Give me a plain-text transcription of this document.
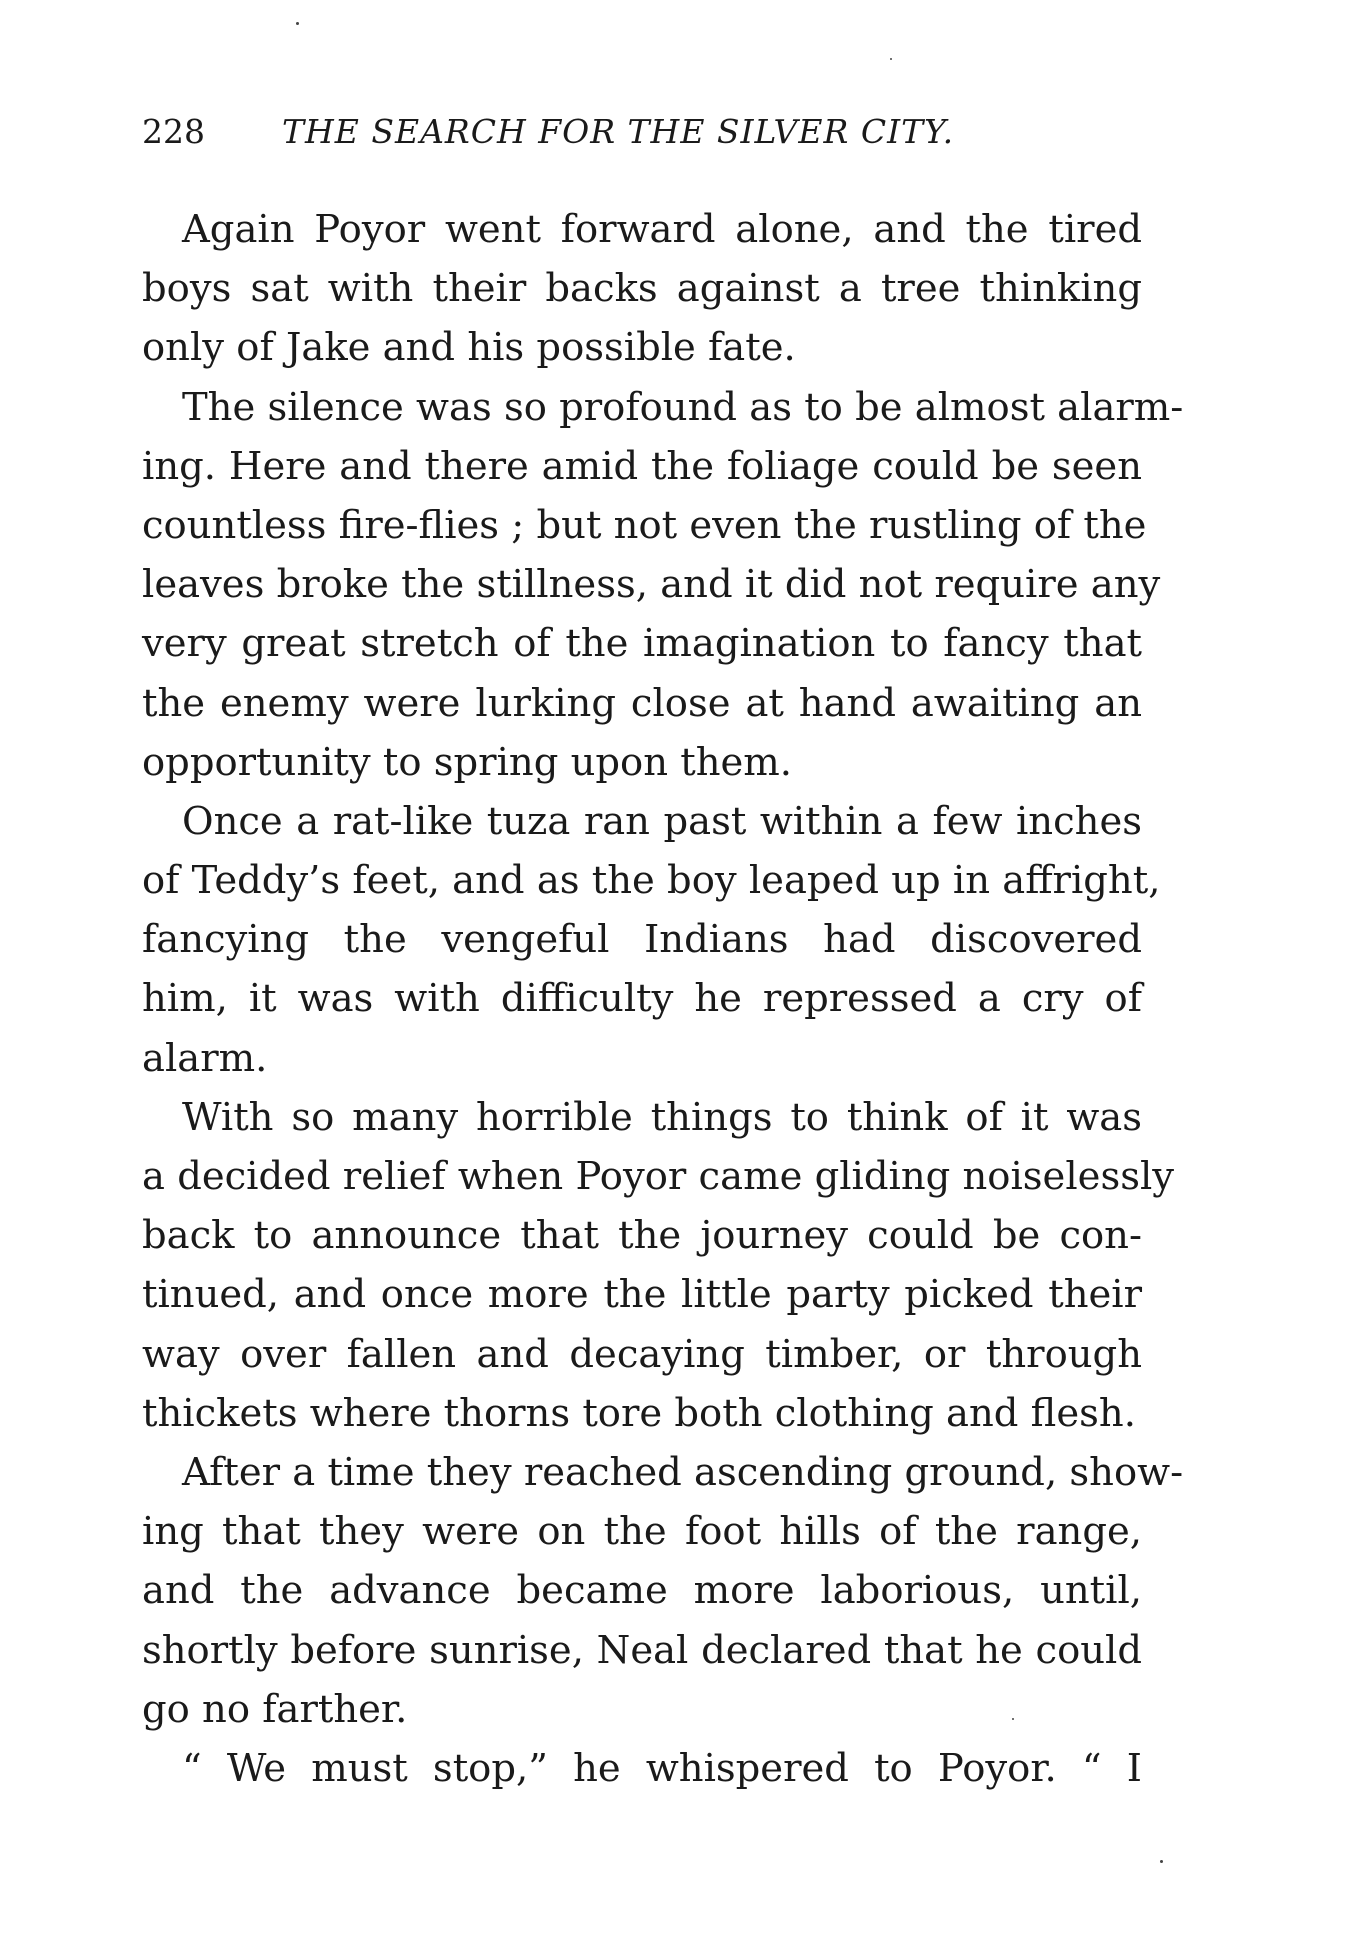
228 THE SEARCH FOR THE SILVER CITY.
Again Poyor went forward alone, and the tired
boys sat with their backs against a tree thinking
only of Jake and his possible fate.
The silence was so profound as to be almost alarm-
ing. Here and there amid the foliage could be seen
countless fire-flies ; but not even the rustling of the
leaves broke the stillness, and it did not require any
very great stretch of the imagination to fancy that
the enemy were lurking close at hand awaiting an
opportunity to spring upon them.
Once a rat-like tuza ran past within a few inches
of Teddy’s feet, and as the boy leaped up in affright,
fancying the vengeful Indians had discovered
him, it was with difficulty he repressed a cry of
alarm.
With so many horrible things to think of it was
a decided relief when Poyor came gliding noiselessly
back to announce that the journey could be con-
tinued, and once more the little party picked their
way over fallen and decaying timber, or through
thickets where thorns tore both clothing and flesh.
After a time they reached ascending ground, show-
ing that they were on the foot hills of the range,
and the advance became more laborious, until,
shortly before sunrise, Neal declared that he could
go no farther.
“ We must stop,” he whispered to Poyor. “ I
